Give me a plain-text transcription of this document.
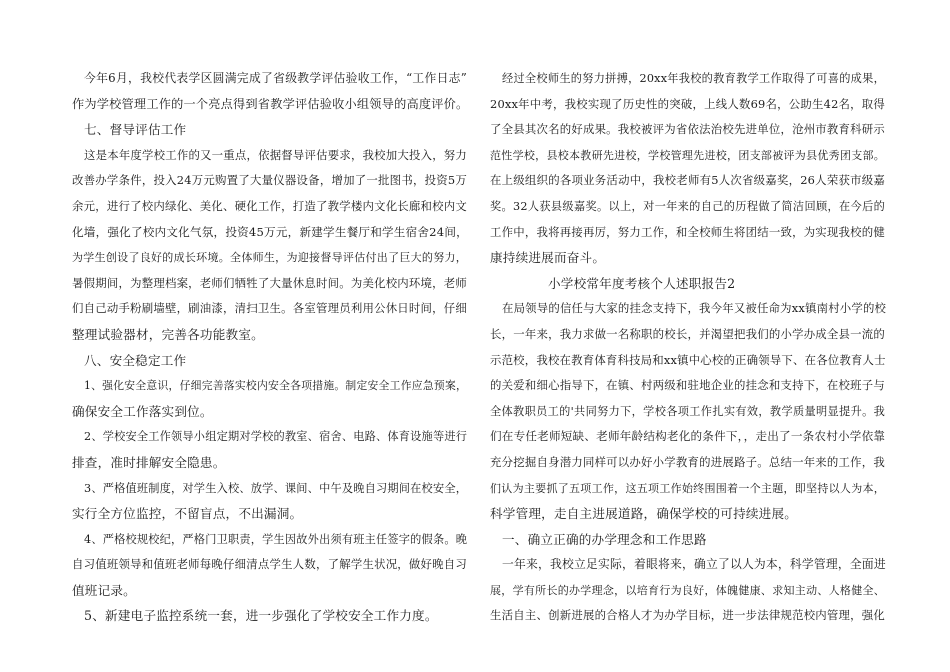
今年6月，我校代表学区圆满完成了省级教学评估验收工作，“工作日志”
作为学校管理工作的一个亮点得到省教学评估验收小组领导的高度评价。
七、督导评估工作
这是本年度学校工作的又一重点，依据督导评估要求，我校加大投入，努力
改善办学条件，投入24万元购置了大量仪器设备，增加了一批图书，投资5万
余元，进行了校内绿化、美化、硬化工作，打造了教学楼内文化长廊和校内文
化墙，强化了校内文化气氛，投资45万元，新建学生餐厅和学生宿舍24间，
为学生创设了良好的成长环境。全体师生，为迎接督导评估付出了巨大的努力，
暑假期间，为整理档案，老师们牺牲了大量休息时间。为美化校内环境，老师
们自己动手粉刷墙壁，刷油漆，清扫卫生。各室管理员利用公休日时间，仔细
整理试验器材，完善各功能教室。
八、安全稳定工作
1、强化安全意识，仔细完善落实校内安全各项措施。制定安全工作应急预案，
确保安全工作落实到位。
2、学校安全工作领导小组定期对学校的教室、宿舍、电路、体育设施等进行
排查，准时排解安全隐患。
3、严格值班制度，对学生入校、放学、课间、中午及晚自习期间在校安全，
实行全方位监控，不留盲点，不出漏洞。
4、严格校规校纪，严格门卫职责，学生因故外出须有班主任签字的假条。晚
自习值班领导和值班老师每晚仔细清点学生人数，了解学生状况，做好晚自习
值班记录。
5、新建电子监控系统一套，进一步强化了学校安全工作力度。
经过全校师生的努力拼搏，20xx年我校的教育教学工作取得了可喜的成果，
20xx年中考，我校实现了历史性的突破，上线人数69名，公助生42名，取得
了全县其次名的好成果。我校被评为省依法治校先进单位，沧州市教育科研示
范性学校，县校本教研先进校，学校管理先进校，团支部被评为县优秀团支部。
在上级组织的各项业务活动中，我校老师有5人次省级嘉奖，26人荣获市级嘉
奖。32人获县级嘉奖。以上，对一年来的自己的历程做了简洁回顾，在今后的
工作中，我将再接再厉，努力工作，和全校师生将团结一致，为实现我校的健
康持续进展而奋斗。
小学校常年度考核个人述职报告2
在局领导的信任与大家的挂念支持下，我今年又被任命为xx镇南村小学的校
长，一年来，我力求做一名称职的校长，并渴望把我们的小学办成全县一流的
示范校，我校在教育体育科技局和xx镇中心校的正确领导下、在各位教育人士
的关爱和细心指导下，在镇、村两级和驻地企业的挂念和支持下，在校班子与
全体教职员工的'共同努力下，学校各项工作扎实有效，教学质量明显提升。我
们在专任老师短缺、老师年龄结构老化的条件下，，走出了一条农村小学依靠
充分挖掘自身潜力同样可以办好小学教育的进展路子。总结一年来的工作，我
们认为主要抓了五项工作，这五项工作始终围围着一个主题，即坚持以人为本，
科学管理，走自主进展道路，确保学校的可持续进展。
一、确立正确的办学理念和工作思路
一年来，我校立足实际，着眼将来，确立了以人为本，科学管理，全面进
展，学有所长的办学理念，以培育行为良好，体魄健康、求知主动、人格健全、
生活自主、创新进展的合格人才为办学目标，进一步法律规范校内管理，强化
